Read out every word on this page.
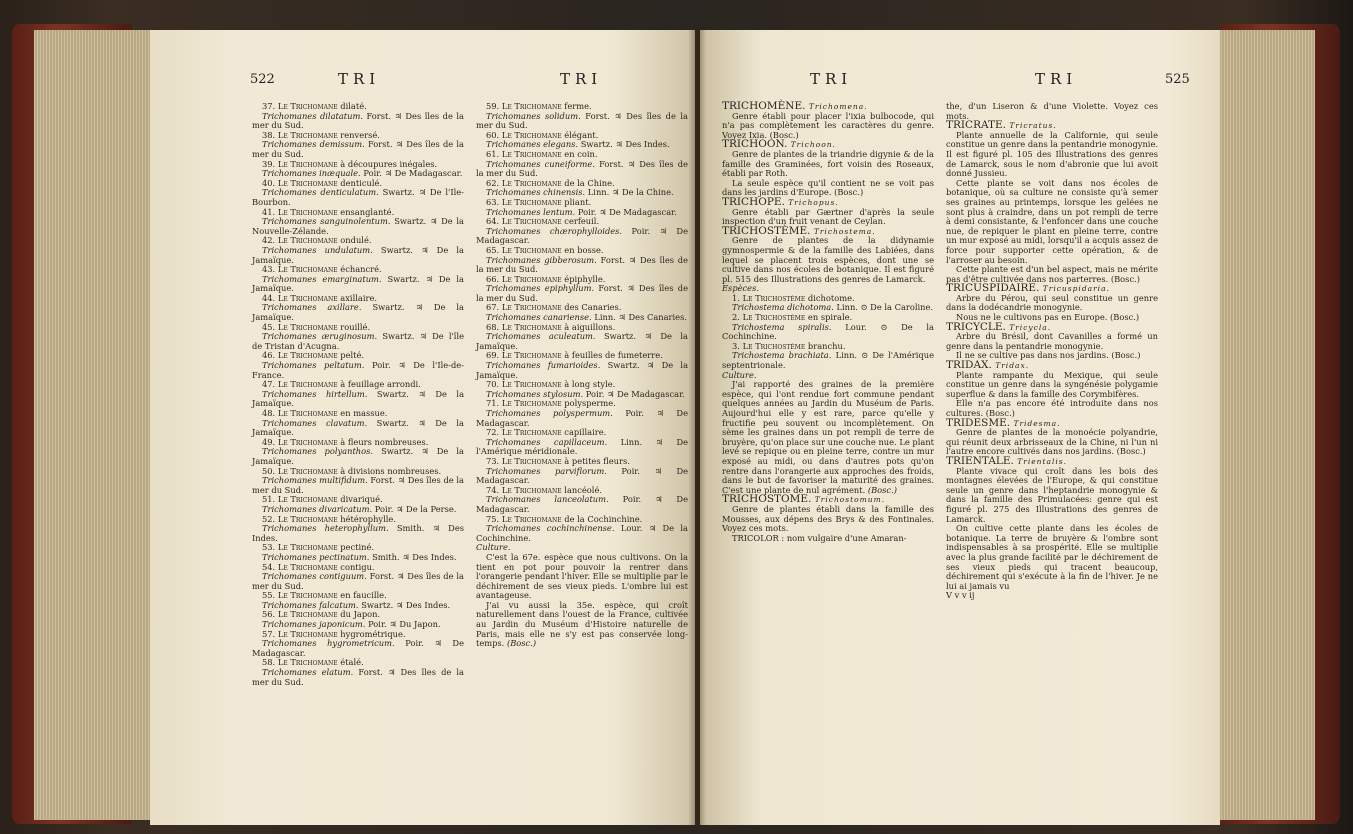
522	TRI	TRI

37. Le Trichomane dilaté.

Trichomanes dilatatum. Forst. ♃ Des îles de la mer du Sud.

38. Le Trichomane renversé.

Trichomanes demissum. Forst. ♃ Des îles de la mer du Sud.

39. Le Trichomane à découpures inégales.

Trichomanes inæquale. Poir. ♃ De Madagascar.

40. Le Trichomane denticulé.

Trichomanes denticulatum. Swartz. ♃ De l'Ile-Bourbon.

41. Le Trichomane ensanglanté.

Trichomanes sanguinolentum. Swartz. ♃ De la Nouvelle-Zélande.

42. Le Trichomane ondulé.

Trichomanes undulatum. Swartz. ♃ De la Jamaïque.

43. Le Trichomane échancré.

Trichomanes emarginatum. Swartz. ♃ De la Jamaïque.

44. Le Trichomane axillaire.

Trichomanes axillare. Swartz. ♃ De la Jamaïque.

45. Le Trichomane rouillé.

Trichomanes æruginosum. Swartz. ♃ De l'île de Tristan d'Acugna.

46. Le Trichomane pelté.

Trichomanes peltatum. Poir. ♃ De l'Ile-de-France.

47. Le Trichomane à feuillage arrondi.

Trichomanes hirtellum. Swartz. ♃ De la Jamaïque.

48. Le Trichomane en massue.

Trichomanes clavatum. Swartz. ♃ De la Jamaïque.

49. Le Trichomane à fleurs nombreuses.

Trichomanes polyanthos. Swartz. ♃ De la Jamaïque.

50. Le Trichomane à divisions nombreuses.

Trichomanes multifidum. Forst. ♃ Des îles de la mer du Sud.

51. Le Trichomane divariqué.

Trichomanes divaricatum. Poir. ♃ De la Perse.

52. Le Trichomane hétérophylle.

Trichomanes heterophyllum. Smith. ♃ Des Indes.

53. Le Trichomane pectiné.

Trichomanes pectinatum. Smith. ♃ Des Indes.

54. Le Trichomane contigu.

Trichomanes contiguum. Forst. ♃ Des îles de la mer du Sud.

55. Le Trichomane en faucille.

Trichomanes falcatum. Swartz. ♃ Des Indes.

56. Le Trichomane du Japon.

Trichomanes japonicum. Poir. ♃ Du Japon.

57. Le Trichomane hygrométrique.

Trichomanes hygrometricum. Poir. ♃ De Madagascar.

58. Le Trichomane étalé.

Trichomanes elatum. Forst. ♃ Des îles de la mer du Sud.

59. Le Trichomane ferme.

Trichomanes solidum. Forst. ♃ Des îles de la mer du Sud.

60. Le Trichomane élégant.

Trichomanes elegans. Swartz. ♃ Des Indes.

61. Le Trichomane en coin.

Trichomanes cuneiforme. Forst. ♃ Des îles de la mer du Sud.

62. Le Trichomane de la Chine.

Trichomanes chinensis. Linn. ♃ De la Chine.

63. Le Trichomane pliant.

Trichomanes lentum. Poir. ♃ De Madagascar.

64. Le Trichomane cerfeuil.

Trichomanes chærophylloides. Poir. ♃ De Madagascar.

65. Le Trichomane en bosse.

Trichomanes gibberosum. Forst. ♃ Des îles de la mer du Sud.

66. Le Trichomane épiphylle.

Trichomanes epiphyllum. Forst. ♃ Des îles de la mer du Sud.

67. Le Trichomane des Canaries.

Trichomanes canariense. Linn. ♃ Des Canaries.

68. Le Trichomane à aiguillons.

Trichomanes aculeatum. Swartz. ♃ De la Jamaïque.

69. Le Trichomane à feuilles de fumeterre.

Trichomanes fumarioides. Swartz. ♃ De la Jamaïque.

70. Le Trichomane à long style.

Trichomanes stylosum. Poir. ♃ De Madagascar.

71. Le Trichomane polysperme.

Trichomanes polyspermum. Poir. ♃ De Madagascar.

72. Le Trichomane capillaire.

Trichomanes capillaceum. Linn. ♃ De l'Amérique méridionale.

73. Le Trichomane à petites fleurs.

Trichomanes parviflorum. Poir. ♃ De Madagascar.

74. Le Trichomane lancéolé.

Trichomanes lanceolatum. Poir. ♃ De Madagascar.

75. Le Trichomane de la Cochinchine.

Trichomanes cochinchinense. Lour. ♃ De la Cochinchine.

Culture.

C'est la 67e. espèce que nous cultivons. On la tient en pot pour pouvoir la rentrer dans l'orangerie pendant l'hiver. Elle se multiplie par le déchirement de ses vieux pieds. L'ombre lui est avantageuse.

J'ai vu aussi la 35e. espèce, qui croît naturellement dans l'ouest de la France, cultivée au Jardin du Muséum d'Histoire naturelle de Paris, mais elle ne s'y est pas conservée long-temps. (Bosc.)

TRI	TRI	525

TRICHOMÈNE. Trichomena.

Genre établi pour placer l'ixia bulbocode, qui n'a pas complètement les caractères du genre. Voyez Ixia. (Bosc.)

TRICHOON. Trichoon.

Genre de plantes de la triandrie digynie & de la famille des Graminées, fort voisin des Roseaux, établi par Roth.

La seule espèce qu'il contient ne se voit pas dans les jardins d'Europe. (Bosc.)

TRICHOPE. Trichopus.

Genre établi par Gærtner d'après la seule inspection d'un fruit venant de Ceylan.

TRICHOSTÈME. Trichostema.

Genre de plantes de la didynamie gymnospermie & de la famille des Labiées, dans lequel se placent trois espèces, dont une se cultive dans nos écoles de botanique. Il est figuré pl. 515 des Illustrations des genres de Lamarck.

Espèces.

1. Le Trichostème dichotome.

Trichostema dichotoma. Linn. ⊙ De la Caroline.

2. Le Trichostème en spirale.

Trichostema spiralis. Lour. ⊙ De la Cochinchine.

3. Le Trichostème branchu.

Trichostema brachiata. Linn. ⊙ De l'Amérique septentrionale.

Culture.

J'ai rapporté des graines de la première espèce, qui l'ont rendue fort commune pendant quelques années au Jardin du Muséum de Paris. Aujourd'hui elle y est rare, parce qu'elle y fructifie peu souvent ou incomplètement. On sème les graines dans un pot rempli de terre de bruyère, qu'on place sur une couche nue. Le plant levé se repique ou en pleine terre, contre un mur exposé au midi, ou dans d'autres pots qu'on rentre dans l'orangerie aux approches des froids, dans le but de favoriser la maturité des graines. C'est une plante de nul agrément. (Bosc.)

TRICHOSTOME. Trichostomum.

Genre de plantes établi dans la famille des Mousses, aux dépens des Brys & des Fontinales. Voyez ces mots.

TRICOLOR : nom vulgaire d'une Amaran-

the, d'un Liseron & d'une Violette. Voyez ces mots.

TRICRATE. Tricratus.

Plante annuelle de la Californie, qui seule constitue un genre dans la pentandrie monogynie. Il est figuré pl. 105 des Illustrations des genres de Lamarck, sous le nom d'abronie que lui avoit donné Jussieu.

Cette plante se voit dans nos écoles de botanique, où sa culture ne consiste qu'à semer ses graines au printemps, lorsque les gelées ne sont plus à craindre, dans un pot rempli de terre à demi consistante, & l'enfoncer dans une couche nue, de repiquer le plant en pleine terre, contre un mur exposé au midi, lorsqu'il a acquis assez de force pour supporter cette opération, & de l'arroser au besoin.

Cette plante est d'un bel aspect, mais ne mérite pas d'être cultivée dans nos parterres. (Bosc.)

TRICUSPIDAIRE. Tricuspidaria.

Arbre du Pérou, qui seul constitue un genre dans la dodécandrie monogynie.

Nous ne le cultivons pas en Europe. (Bosc.)

TRICYCLE. Tricycla.

Arbre du Brésil, dont Cavanilles a formé un genre dans la pentandrie monogynie.

Il ne se cultive pas dans nos jardins. (Bosc.)

TRIDAX. Tridax.

Plante rampante du Mexique, qui seule constitue un genre dans la syngénésie polygamie superflue & dans la famille des Corymbifères.

Elle n'a pas encore été introduite dans nos cultures. (Bosc.)

TRIDESME. Tridesma.

Genre de plantes de la monoécie polyandrie, qui réunit deux arbrisseaux de la Chine, ni l'un ni l'autre encore cultivés dans nos jardins. (Bosc.)

TRIENTALE. Trientalis.

Plante vivace qui croît dans les bois des montagnes élevées de l'Europe, & qui constitue seule un genre dans l'heptandrie monogynie & dans la famille des Primulacées: genre qui est figuré pl. 275 des Illustrations des genres de Lamarck.

On cultive cette plante dans les écoles de botanique. La terre de bruyère & l'ombre sont indispensables à sa prospérité. Elle se multiplie avec la plus grande facilité par le déchirement de ses vieux pieds qui tracent beaucoup, déchirement qui s'exécute à la fin de l'hiver. Je ne lui ai jamais vu

V v v ij
